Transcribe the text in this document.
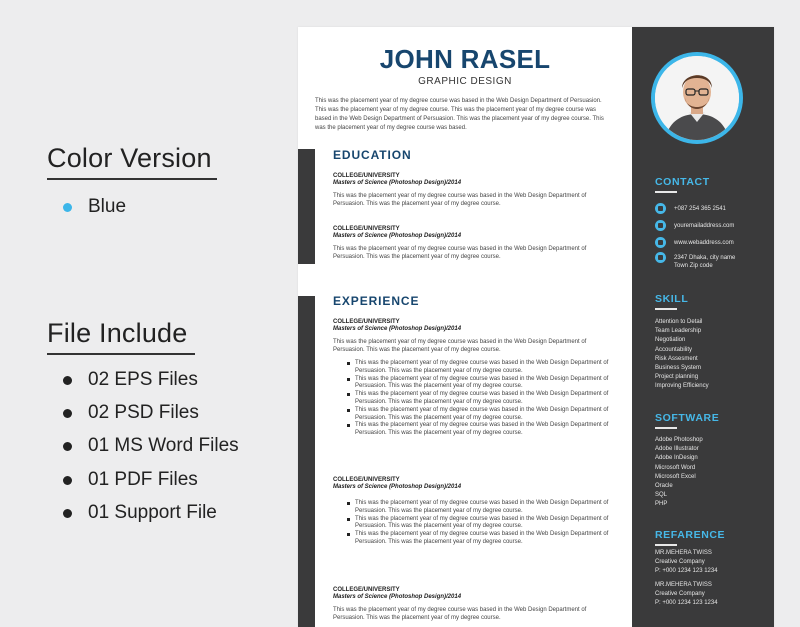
Color Version
Blue
File Include
02 EPS Files
02 PSD Files
01 MS Word Files
01 PDF Files
01 Support File
JOHN RASEL
GRAPHIC DESIGN
This was the placement year of my degree course was based in the Web Design Department of Persuasion. This was the placement year of my degree course. This was the placement year of my degree course was based in the Web Design Department of Persuasion. This was the placement year of my degree course. This was the placement year of my degree course was based.
EDUCATION
COLLEGE/UNIVERSITY
Masters of Science (Photoshop Design)/2014
This was the placement year of my degree course was based in the Web Design Department of Persuasion. This was the placement year of my degree course.
COLLEGE/UNIVERSITY
Masters of Science (Photoshop Design)/2014
This was the placement year of my degree course was based in the Web Design Department of Persuasion. This was the placement year of my degree course.
EXPERIENCE
COLLEGE/UNIVERSITY
Masters of Science (Photoshop Design)/2014
This was the placement year of my degree course was based in the Web Design Department of Persuasion. This was the placement year of my degree course.
This was the placement year of my degree course was based in the Web Design Department of Persuasion. This was the placement year of my degree course.
This was the placement year of my degree course was based in the Web Design Department of Persuasion. This was the placement year of my degree course.
This was the placement year of my degree course was based in the Web Design Department of Persuasion. This was the placement year of my degree course.
This was the placement year of my degree course was based in the Web Design Department of Persuasion. This was the placement year of my degree course.
This was the placement year of my degree course was based in the Web Design Department of Persuasion. This was the placement year of my degree course.
COLLEGE/UNIVERSITY
Masters of Science (Photoshop Design)/2014
This was the placement year of my degree course was based in the Web Design Department of Persuasion. This was the placement year of my degree course.
This was the placement year of my degree course was based in the Web Design Department of Persuasion. This was the placement year of my degree course.
This was the placement year of my degree course was based in the Web Design Department of Persuasion. This was the placement year of my degree course.
COLLEGE/UNIVERSITY
Masters of Science (Photoshop Design)/2014
This was the placement year of my degree course was based in the Web Design Department of Persuasion. This was the placement year of my degree course.
CONTACT
+087 254 365 2541
youremailaddress.com
www.webaddress.com
2347 Dhaka, city name Town Zip code
SKILL
Attention to Detail
Team Leadership
Negotiation
Accountability
Risk Assesment
Business System
Project planning
Improving Efficiency
SOFTWARE
Adobe Photoshop
Adobe Illustrator
Adobe InDesign
Microsoft Word
Microsoft Excel
Oracle
SQL
PHP
REFARENCE
MR.MEHERA TWISS
Creative Company
P: +000 1234 123 1234
MR.MEHERA TWISS
Creative Company
P: +000 1234 123 1234
